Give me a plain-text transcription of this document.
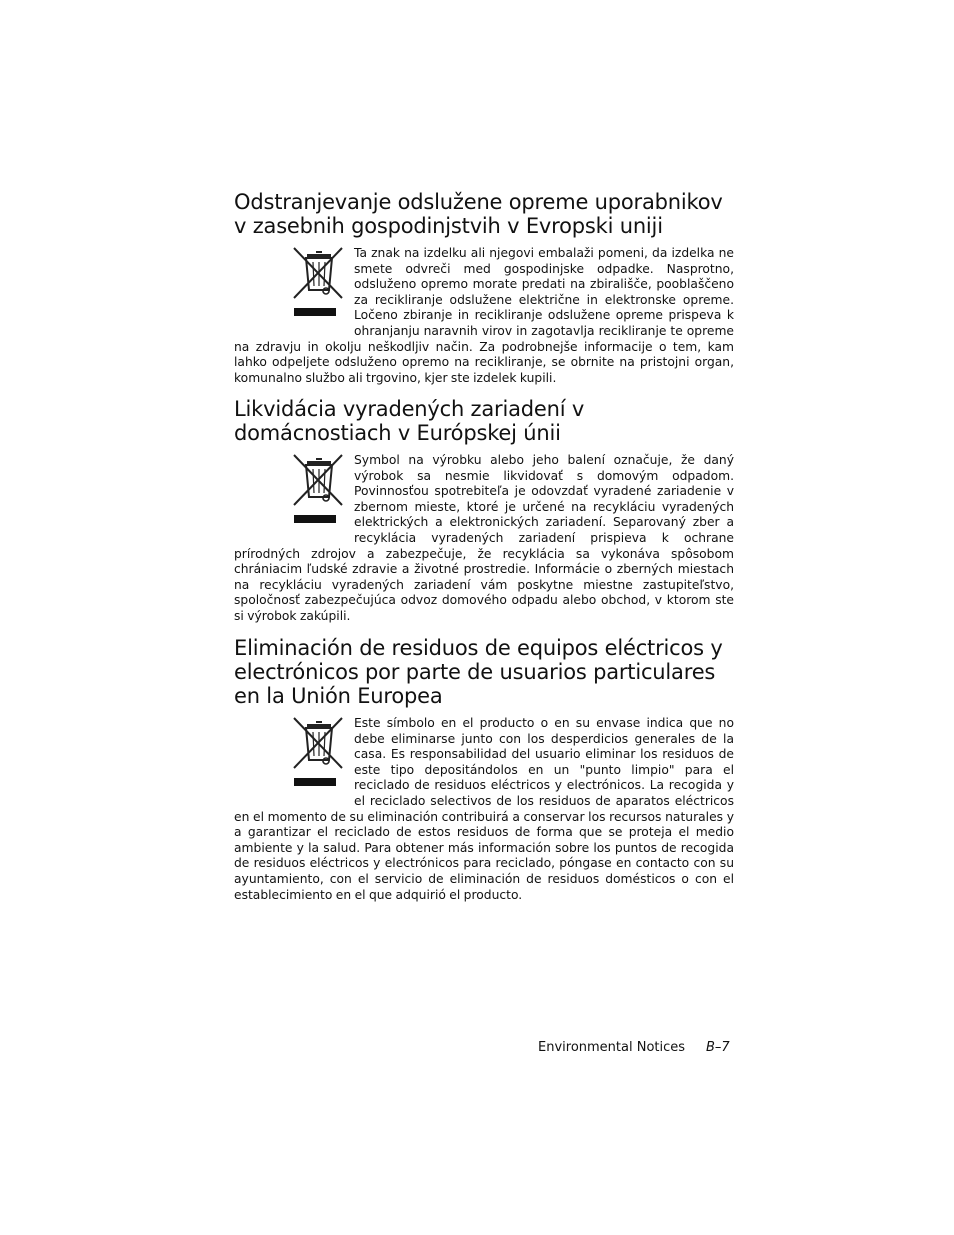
Odstranjevanje odslužene opreme uporabnikov v zasebnih gospodinjstvih v Evropski uniji
Ta znak na izdelku ali njegovi embalaži pomeni, da izdelka ne smete odvreči med gospodinjske odpadke. Nasprotno, odsluženo opremo morate predati na zbirališče, pooblaščeno za recikliranje odslužene električne in elektronske opreme. Ločeno zbiranje in recikliranje odslužene opreme prispeva k ohranjanju naravnih virov in zagotavlja recikliranje te opreme na zdravju in okolju neškodljiv način. Za podrobnejše informacije o tem, kam lahko odpeljete odsluženo opremo na recikliranje, se obrnite na pristojni organ, komunalno službo ali trgovino, kjer ste izdelek kupili.
Likvidácia vyradených zariadení v domácnostiach v Európskej únii
Symbol na výrobku alebo jeho balení označuje, že daný výrobok sa nesmie likvidovať s domovým odpadom. Povinnosťou spotrebiteľa je odovzdať vyradené zariadenie v zbernom mieste, ktoré je určené na recykláciu vyradených elektrických a elektronických zariadení. Separovaný zber a recyklácia vyradených zariadení prispieva k ochrane prírodných zdrojov a zabezpečuje, že recyklácia sa vykonáva spôsobom chrániacim ľudské zdravie a životné prostredie. Informácie o zberných miestach na recykláciu vyradených zariadení vám poskytne miestne zastupiteľstvo, spoločnosť zabezpečujúca odvoz domového odpadu alebo obchod, v ktorom ste si výrobok zakúpili.
Eliminación de residuos de equipos eléctricos y electrónicos por parte de usuarios particulares en la Unión Europea
Este símbolo en el producto o en su envase indica que no debe eliminarse junto con los desperdicios generales de la casa. Es responsabilidad del usuario eliminar los residuos de este tipo depositándolos en un "punto limpio" para el reciclado de residuos eléctricos y electrónicos. La recogida y el reciclado selectivos de los residuos de aparatos eléctricos en el momento de su eliminación contribuirá a conservar los recursos naturales y a garantizar el reciclado de estos residuos de forma que se proteja el medio ambiente y la salud. Para obtener más información sobre los puntos de recogida de residuos eléctricos y electrónicos para reciclado, póngase en contacto con su ayuntamiento, con el servicio de eliminación de residuos domésticos o con el establecimiento en el que adquirió el producto.
Environmental Notices B–7
